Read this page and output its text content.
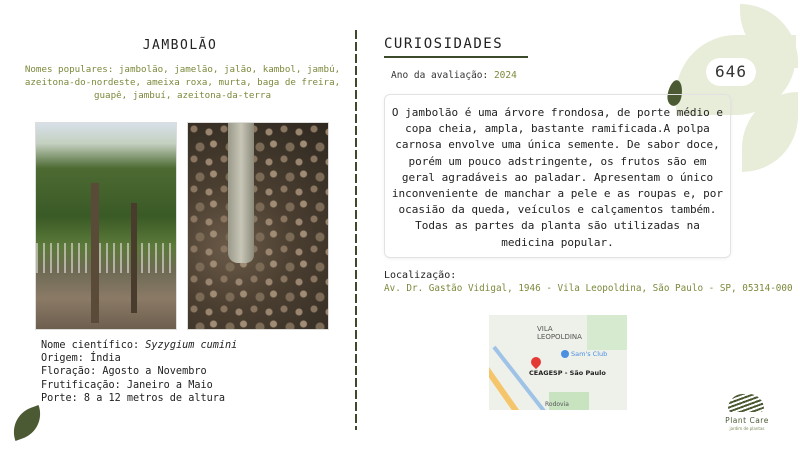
646
JAMBOLÃO
Nomes populares: jambolão, jamelão, jalão, kambol, jambú, azeitona-do-nordeste, ameixa roxa, murta, baga de freira, guapê, jambuí, azeitona-da-terra
Nome científico: Syzygium cumini
Origem: Índia
Floração: Agosto a Novembro
Frutificação: Janeiro a Maio
Porte: 8 a 12 metros de altura
CURIOSIDADES
Ano da avaliação: 2024
O jambolão é uma árvore frondosa, de porte médio e copa cheia, ampla, bastante ramificada.A polpa carnosa envolve uma única semente. De sabor doce, porém um pouco adstringente, os frutos são em geral agradáveis ao paladar. Apresentam o único inconveniente de manchar a pele e as roupas e, por ocasião da queda, veículos e calçamentos também. Todas as partes da planta são utilizadas na medicina popular.
Localização:
Av. Dr. Gastão Vidigal, 1946 - Vila Leopoldina, São Paulo - SP, 05314-000
VILA LEOPOLDINA
Sam's Club
CEAGESP - São Paulo
Rodovia
Plant Care
jardim de plantas
